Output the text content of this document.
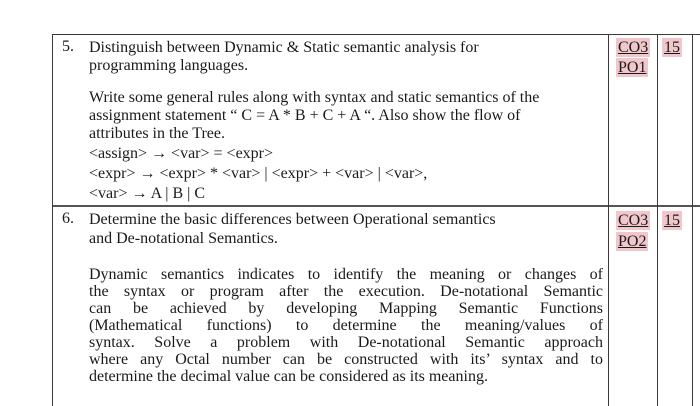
5. Distinguish between Dynamic & Static semantic analysis for
programming languages.
Write some general rules along with syntax and static semantics of the
assignment statement “ C = A * B + C + A “. Also show the flow of
attributes in the Tree.
<assign> → <var> = <expr>
<expr> → <expr> * <var> | <expr> + <var> | <var>,
<var> → A | B | C
CO3
PO1
15
6. Determine the basic differences between Operational semantics
and De-notational Semantics.
Dynamic semantics indicates to identify the meaning or changes of
the syntax or program after the execution. De-notational Semantic
can be achieved by developing Mapping Semantic Functions
(Mathematical functions) to determine the meaning/values of
syntax. Solve a problem with De-notational Semantic approach
where any Octal number can be constructed with its’ syntax and to
determine the decimal value can be considered as its meaning.
CO3
PO2
15
